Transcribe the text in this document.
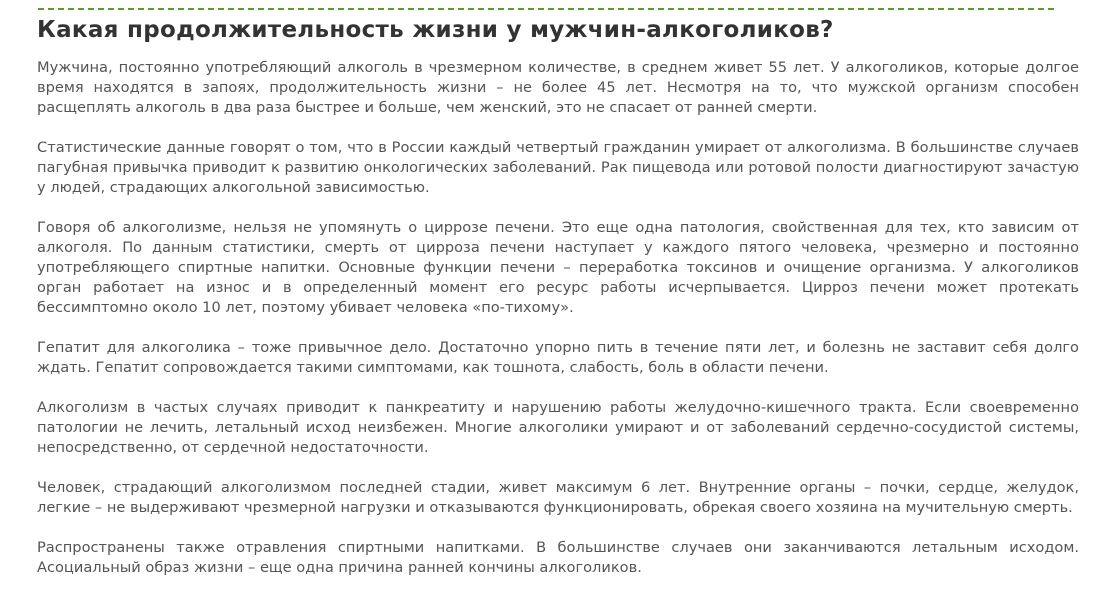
Какая продолжительность жизни у мужчин-алкоголиков?

Мужчина, постоянно употребляющий алкоголь в чрезмерном количестве, в среднем живет 55 лет. У алкоголиков, которые долгое время находятся в запоях, продолжительность жизни – не более 45 лет. Несмотря на то, что мужской организм способен расщеплять алкоголь в два раза быстрее и больше, чем женский, это не спасает от ранней смерти.

Статистические данные говорят о том, что в России каждый четвертый гражданин умирает от алкоголизма. В большинстве случаев пагубная привычка приводит к развитию онкологических заболеваний. Рак пищевода или ротовой полости диагностируют зачастую у людей, страдающих алкогольной зависимостью.

Говоря об алкоголизме, нельзя не упомянуть о циррозе печени. Это еще одна патология, свойственная для тех, кто зависим от алкоголя. По данным статистики, смерть от цирроза печени наступает у каждого пятого человека, чрезмерно и постоянно употребляющего спиртные напитки. Основные функции печени – переработка токсинов и очищение организма. У алкоголиков орган работает на износ и в определенный момент его ресурс работы исчерпывается. Цирроз печени может протекать бессимптомно около 10 лет, поэтому убивает человека «по-тихому».

Гепатит для алкоголика – тоже привычное дело. Достаточно упорно пить в течение пяти лет, и болезнь не заставит себя долго ждать. Гепатит сопровождается такими симптомами, как тошнота, слабость, боль в области печени.

Алкоголизм в частых случаях приводит к панкреатиту и нарушению работы желудочно-кишечного тракта. Если своевременно патологии не лечить, летальный исход неизбежен. Многие алкоголики умирают и от заболеваний сердечно-сосудистой системы, непосредственно, от сердечной недостаточности.

Человек, страдающий алкоголизмом последней стадии, живет максимум 6 лет. Внутренние органы – почки, сердце, желудок, легкие – не выдерживают чрезмерной нагрузки и отказываются функционировать, обрекая своего хозяина на мучительную смерть.

Распространены также отравления спиртными напитками. В большинстве случаев они заканчиваются летальным исходом. Асоциальный образ жизни – еще одна причина ранней кончины алкоголиков.
